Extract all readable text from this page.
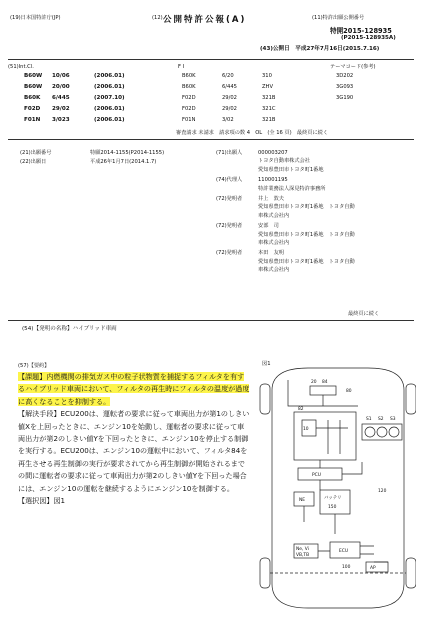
(19)日本国特許庁(JP)	(12) 公開特許公報(A)	(11)特許出願公開番号
特開2015-128935
(P2015-128935A)
(43)公開日　平成27年7月16日(2015.7.16)
(51)Int.Cl.	F I	テーマコード(参考)
B60W 10/06	(2006.01)	B60K	6/20	310	3D202
B60W 20/00	(2006.01)	B60K	6/445	ZHV	3G093
B60K 6/445	(2007.10)	F02D	29/02	321B	3G190
F02D 29/02	(2006.01)	F02D	29/02	321C
F01N 3/023	(2006.01)	F01N	3/02	321B
審査請求 未請求　請求項の数 4　OL　(全 16 頁)　最終頁に続く
(21)出願番号	特願2014-1155(P2014-1155)
(22)出願日	平成26年1月7日(2014.1.7)
(71)出願人	000003207
トヨタ自動車株式会社
愛知県豊田市トヨタ町1番地
(74)代理人	110001195
特許業務法人深見特許事務所
(72)発明者	井上　敦夫
愛知県豊田市トヨタ町1番地　トヨタ自動
車株式会社内
(72)発明者	安部　司
愛知県豊田市トヨタ町1番地　トヨタ自動
車株式会社内
(72)発明者	本田　友明
愛知県豊田市トヨタ町1番地　トヨタ自動
車株式会社内
最終頁に続く
(54)【発明の名称】ハイブリッド車両
(57)【要約】
【課題】内燃機関の排気ガス中の粒子状物質を捕捉するフィルタを有するハイブリッド車両において、フィルタの再生時にフィルタの温度が過度に高くなることを抑制する。
【解決手段】ECU200は、運転者の要求に従って車両出力が第1のしきい値Xを上回ったときに、エンジン10を始動し、運転者の要求に従って車両出力が第2のしきい値Yを下回ったときに、エンジン10を停止する制御を実行する。ECU200は、エンジン10の運転中において、フィルタ84を再生させる再生制御の実行が要求されてから再生制御が開始されるまでの間に運転者の要求に従って車両出力が第2のしきい値Yを下回った場合には、エンジン10の運転を継続するようにエンジン10を制御する。
【選択図】図1
図1
20 84
80
82
S1 S2 S3
10
PCU
NE	バッテリ
150
Ne, Vi
VB,TB
ECU
AP
100
120
